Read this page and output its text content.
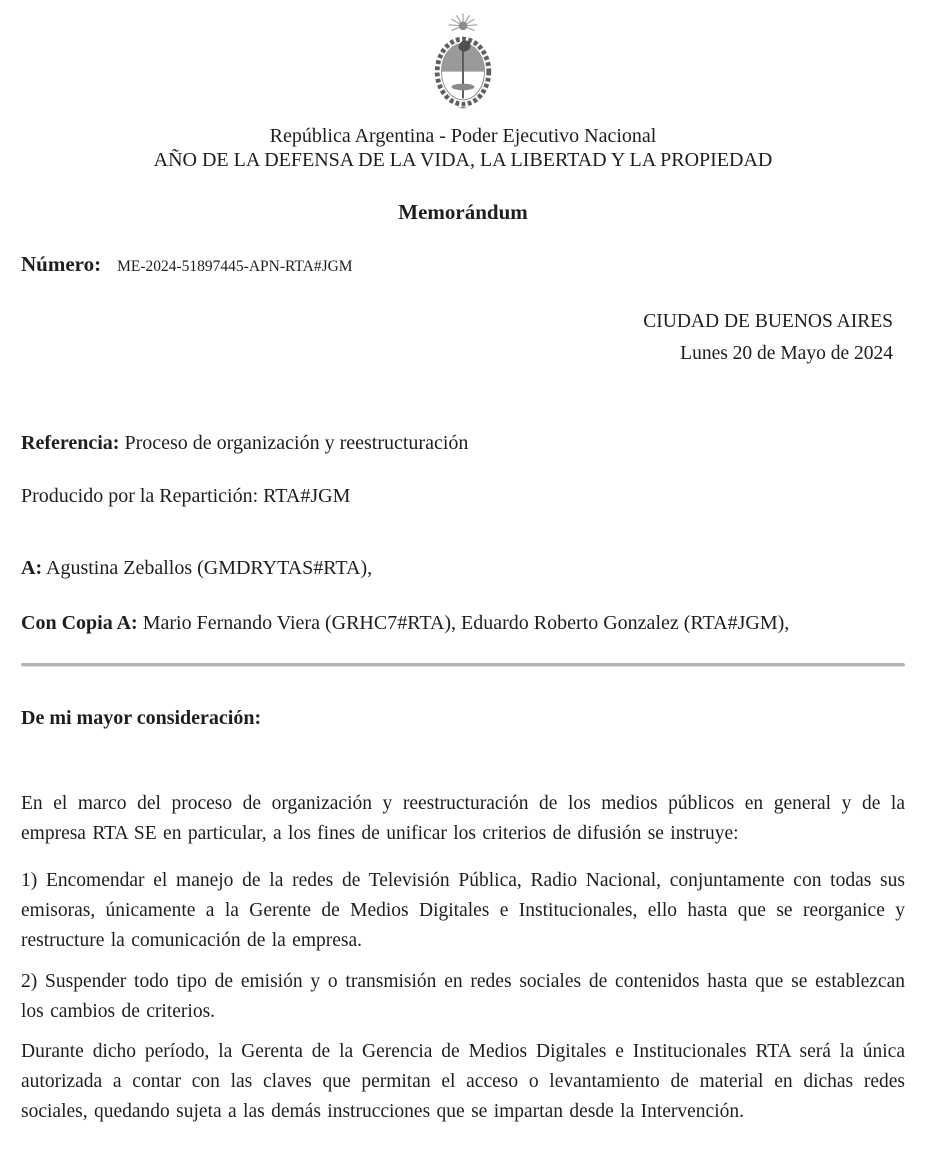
República Argentina - Poder Ejecutivo Nacional
AÑO DE LA DEFENSA DE LA VIDA, LA LIBERTAD Y LA PROPIEDAD
Memorándum
Número: ME-2024-51897445-APN-RTA#JGM
CIUDAD DE BUENOS AIRES
Lunes 20 de Mayo de 2024
Referencia: Proceso de organización y reestructuración
Producido por la Repartición: RTA#JGM
A: Agustina Zeballos (GMDRYTAS#RTA),
Con Copia A: Mario Fernando Viera (GRHC7#RTA), Eduardo Roberto Gonzalez (RTA#JGM),
De mi mayor consideración:

En el marco del proceso de organización y reestructuración de los medios públicos en general y de la empresa RTA SE en particular, a los fines de unificar los criterios de difusión se instruye:

1) Encomendar el manejo de la redes de Televisión Pública, Radio Nacional, conjuntamente con todas sus emisoras, únicamente a la Gerente de Medios Digitales e Institucionales, ello hasta que se reorganice y restructure la comunicación de la empresa.

2) Suspender todo tipo de emisión y o transmisión en redes sociales de contenidos hasta que se establezcan los cambios de criterios.

Durante dicho período, la Gerenta de la Gerencia de Medios Digitales e Institucionales RTA será la única autorizada a contar con las claves que permitan el acceso o levantamiento de material en dichas redes sociales, quedando sujeta a las demás instrucciones que se impartan desde la Intervención.
